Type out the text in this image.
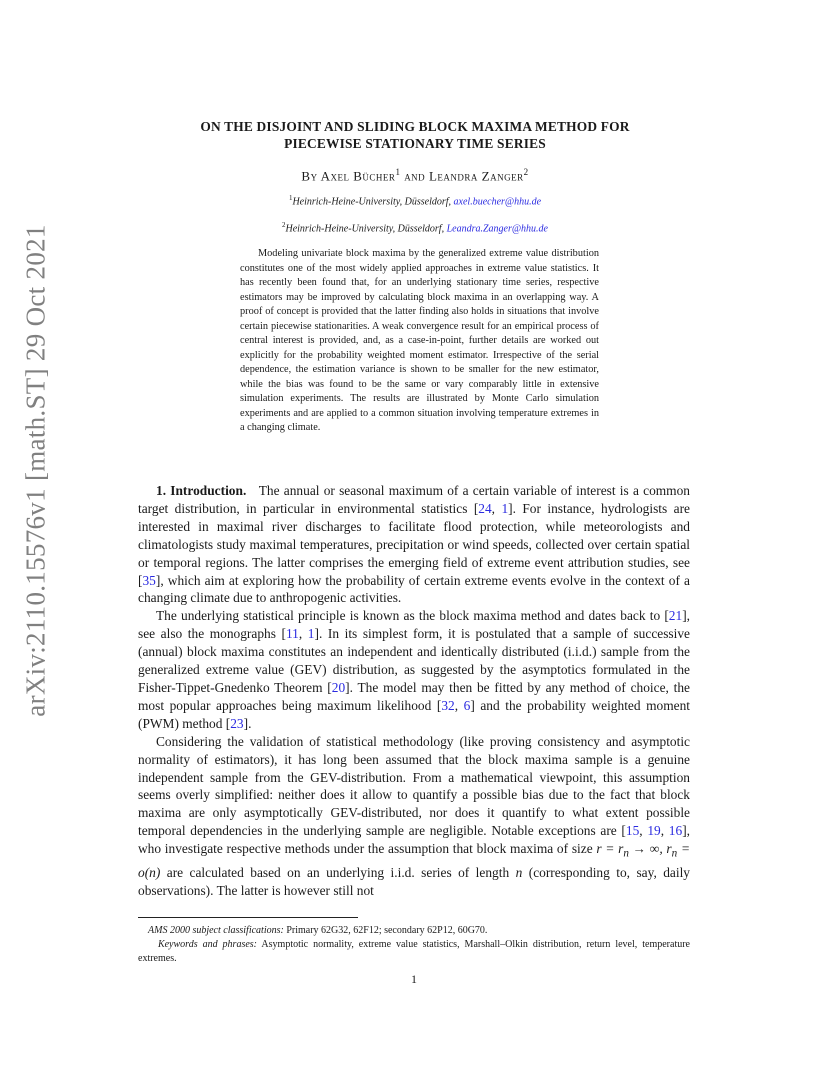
arXiv:2110.15576v1 [math.ST] 29 Oct 2021
ON THE DISJOINT AND SLIDING BLOCK MAXIMA METHOD FOR
PIECEWISE STATIONARY TIME SERIES
By Axel Bücher$^1$ and Leandra Zanger$^2$
$^1$Heinrich-Heine-University, Düsseldorf, axel.buecher@hhu.de
$^2$Heinrich-Heine-University, Düsseldorf, Leandra.Zanger@hhu.de

Modeling univariate block maxima by the generalized extreme value distribution constitutes one of the most widely applied approaches in extreme value statistics. It has recently been found that, for an underlying stationary time series, respective estimators may be improved by calculating block maxima in an overlapping way. A proof of concept is provided that the latter finding also holds in situations that involve certain piecewise stationarities. A weak convergence result for an empirical process of central interest is provided, and, as a case-in-point, further details are worked out explicitly for the probability weighted moment estimator. Irrespective of the serial dependence, the estimation variance is shown to be smaller for the new estimator, while the bias was found to be the same or vary comparably little in extensive simulation experiments. The results are illustrated by Monte Carlo simulation experiments and are applied to a common situation involving temperature extremes in a changing climate.

1. Introduction. The annual or seasonal maximum of a certain variable of interest is a common target distribution, in particular in environmental statistics [24, 1]. For instance, hydrologists are interested in maximal river discharges to facilitate flood protection, while meteorologists and climatologists study maximal temperatures, precipitation or wind speeds, collected over certain spatial or temporal regions. The latter comprises the emerging field of extreme event attribution studies, see [35], which aim at exploring how the probability of certain extreme events evolve in the context of a changing climate due to anthropogenic activities.

The underlying statistical principle is known as the block maxima method and dates back to [21], see also the monographs [11, 1]. In its simplest form, it is postulated that a sample of successive (annual) block maxima constitutes an independent and identically distributed (i.i.d.) sample from the generalized extreme value (GEV) distribution, as suggested by the asymptotics formulated in the Fisher-Tippet-Gnedenko Theorem [20]. The model may then be fitted by any method of choice, the most popular approaches being maximum likelihood [32, 6] and the probability weighted moment (PWM) method [23].

Considering the validation of statistical methodology (like proving consistency and asymptotic normality of estimators), it has long been assumed that the block maxima sample is a genuine independent sample from the GEV-distribution. From a mathematical viewpoint, this assumption seems overly simplified: neither does it allow to quantify a possible bias due to the fact that block maxima are only asymptotically GEV-distributed, nor does it quantify to what extent possible temporal dependencies in the underlying sample are negligible. Notable exceptions are [15, 19, 16], who investigate respective methods under the assumption that block maxima of size $r = r_n$ → ∞, $r_n = o(n)$ are calculated based on an underlying i.i.d. series of length n (corresponding to, say, daily observations). The latter is however still not

AMS 2000 subject classifications: Primary 62G32, 62F12; secondary 62P12, 60G70.
Keywords and phrases: Asymptotic normality, extreme value statistics, Marshall–Olkin distribution, return level, temperature extremes.
1
